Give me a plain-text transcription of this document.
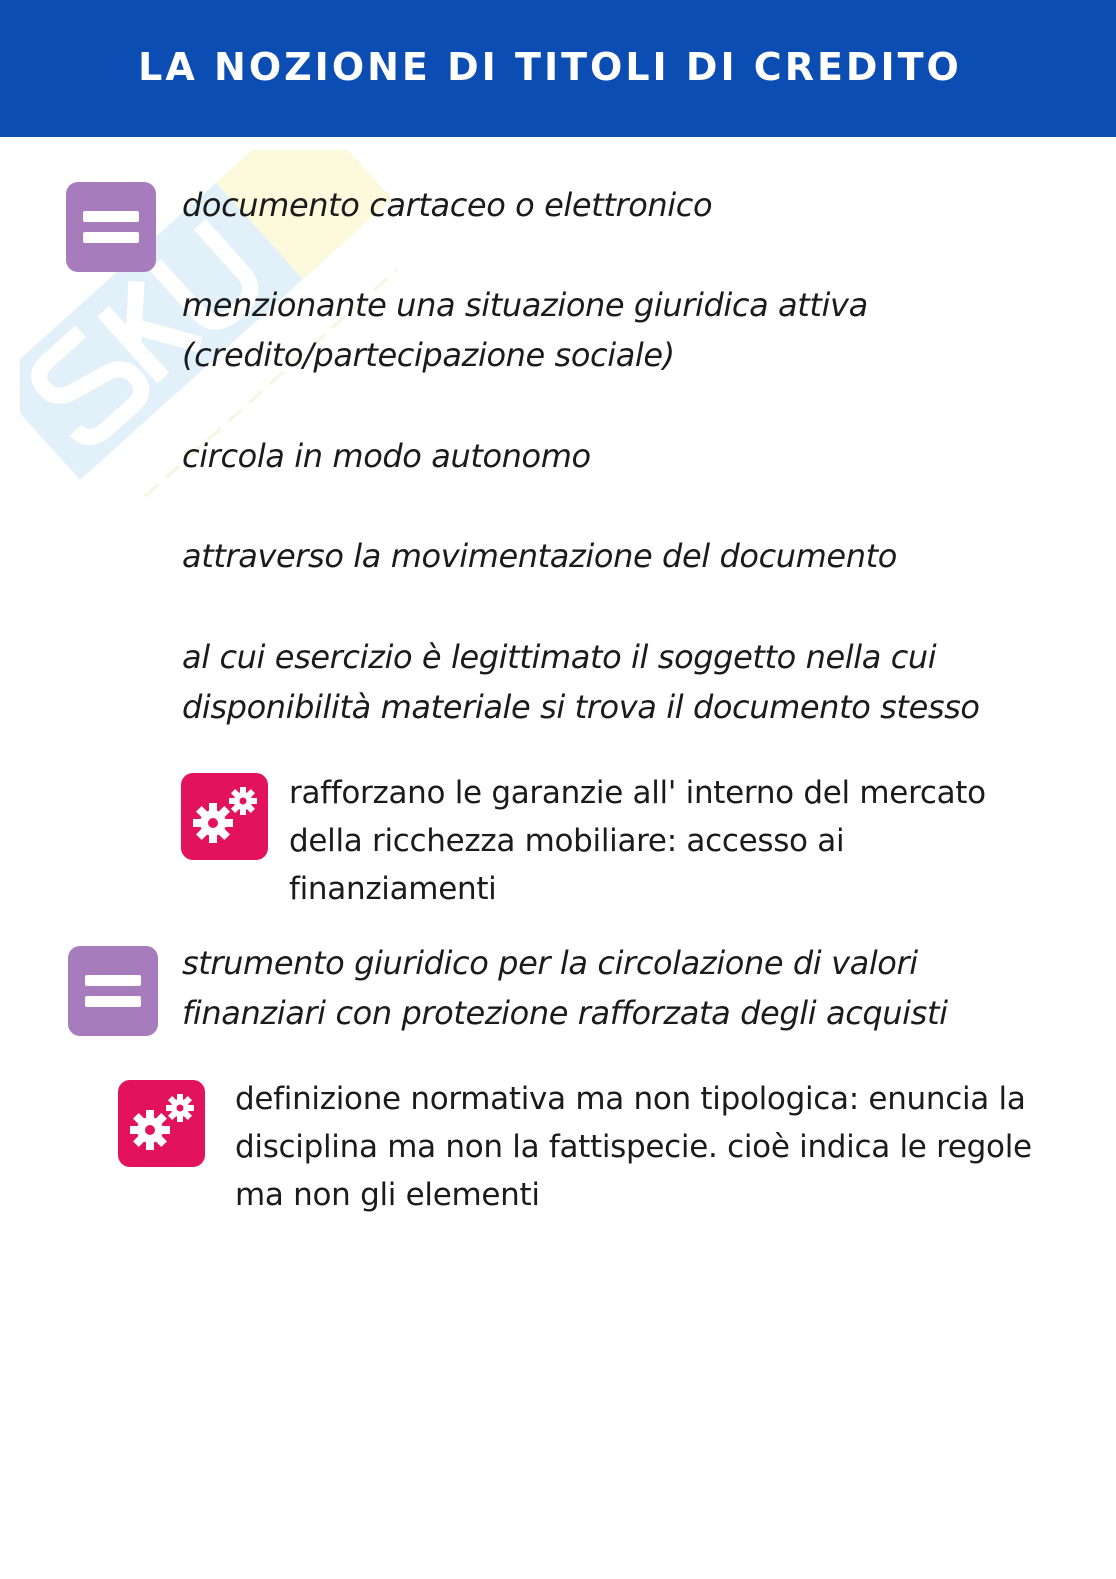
LA NOZIONE DI TITOLI DI CREDITO
documento cartaceo o elettronico
menzionante una situazione giuridica attiva
(credito/partecipazione sociale)
circola in modo autonomo
attraverso la movimentazione del documento
al cui esercizio è legittimato il soggetto nella cui
disponibilità materiale si trova il documento stesso
rafforzano le garanzie all' interno del mercato della ricchezza mobiliare: accesso ai finanziamenti
strumento giuridico per la circolazione di valori
finanziari con protezione rafforzata degli acquisti
definizione normativa ma non tipologica: enuncia la disciplina ma non la fattispecie. cioè indica le regole ma non gli elementi
